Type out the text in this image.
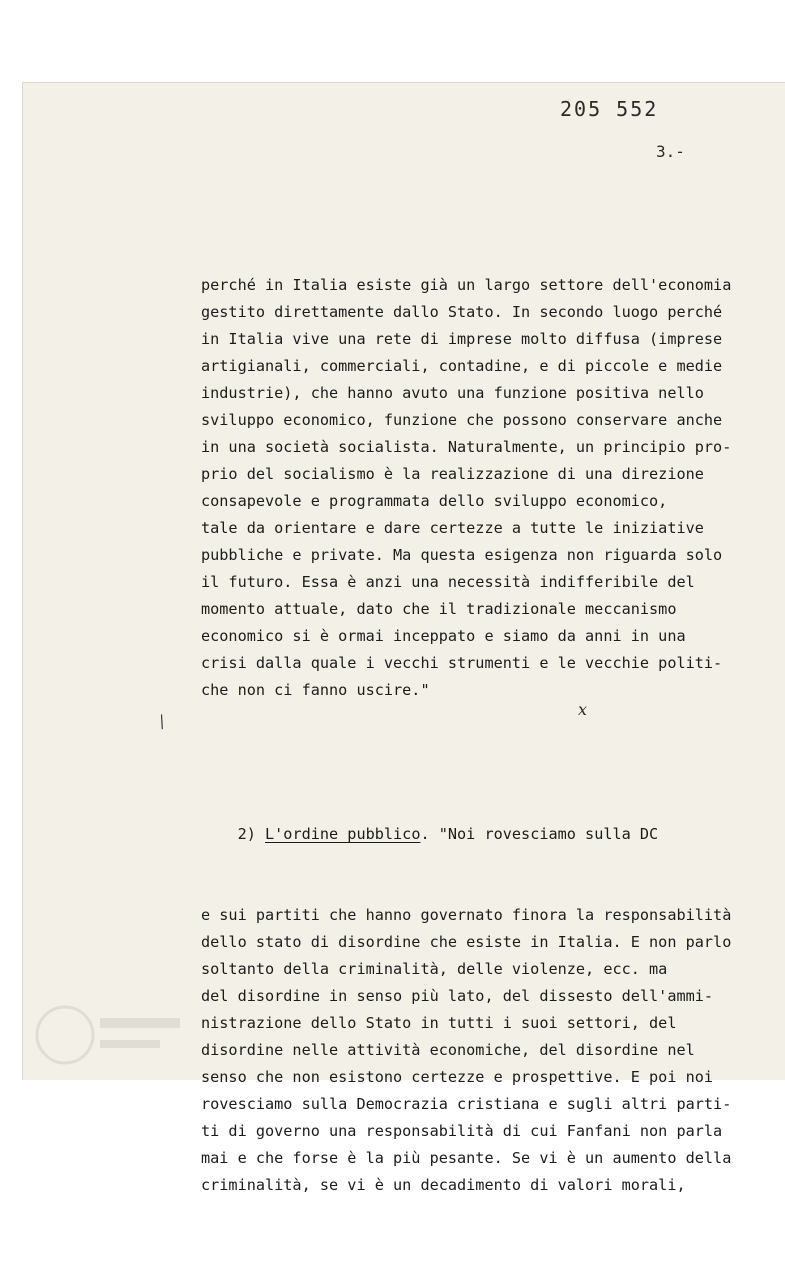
205 552
3.-

perché in Italia esiste già un largo settore dell'economia
gestito direttamente dallo Stato. In secondo luogo perché
in Italia vive una rete di imprese molto diffusa (imprese
artigianali, commerciali, contadine, e di piccole e medie
industrie), che hanno avuto una funzione positiva nello
sviluppo economico, funzione che possono conservare anche
in una società socialista. Naturalmente, un principio pro-
prio del socialismo è la realizzazione di una direzione
consapevole e programmata dello sviluppo economico,
tale da orientare e dare certezze a tutte le iniziative
pubbliche e private. Ma questa esigenza non riguarda solo
il futuro. Essa è anzi una necessità indifferibile del
momento attuale, dato che il tradizionale meccanismo
economico si è ormai inceppato e siamo da anni in una
crisi dalla quale i vecchi strumenti e le vecchie politi-
che non ci fanno uscire."

2) L'ordine pubblico. "Noi rovesciamo sulla DC

e sui partiti che hanno governato finora la responsabilità
dello stato di disordine che esiste in Italia. E non parlo
soltanto della criminalità, delle violenze, ecc. ma
del disordine in senso più lato, del dissesto dell'ammi-
nistrazione dello Stato in tutti i suoi settori, del
disordine nelle attività economiche, del disordine nel
senso che non esistono certezze e prospettive. E poi noi
rovesciamo sulla Democrazia cristiana e sugli altri parti-
ti di governo una responsabilità di cui Fanfani non parla
mai e che forse è la più pesante. Se vi è un aumento della
criminalità, se vi è un decadimento di valori morali,

/
x
